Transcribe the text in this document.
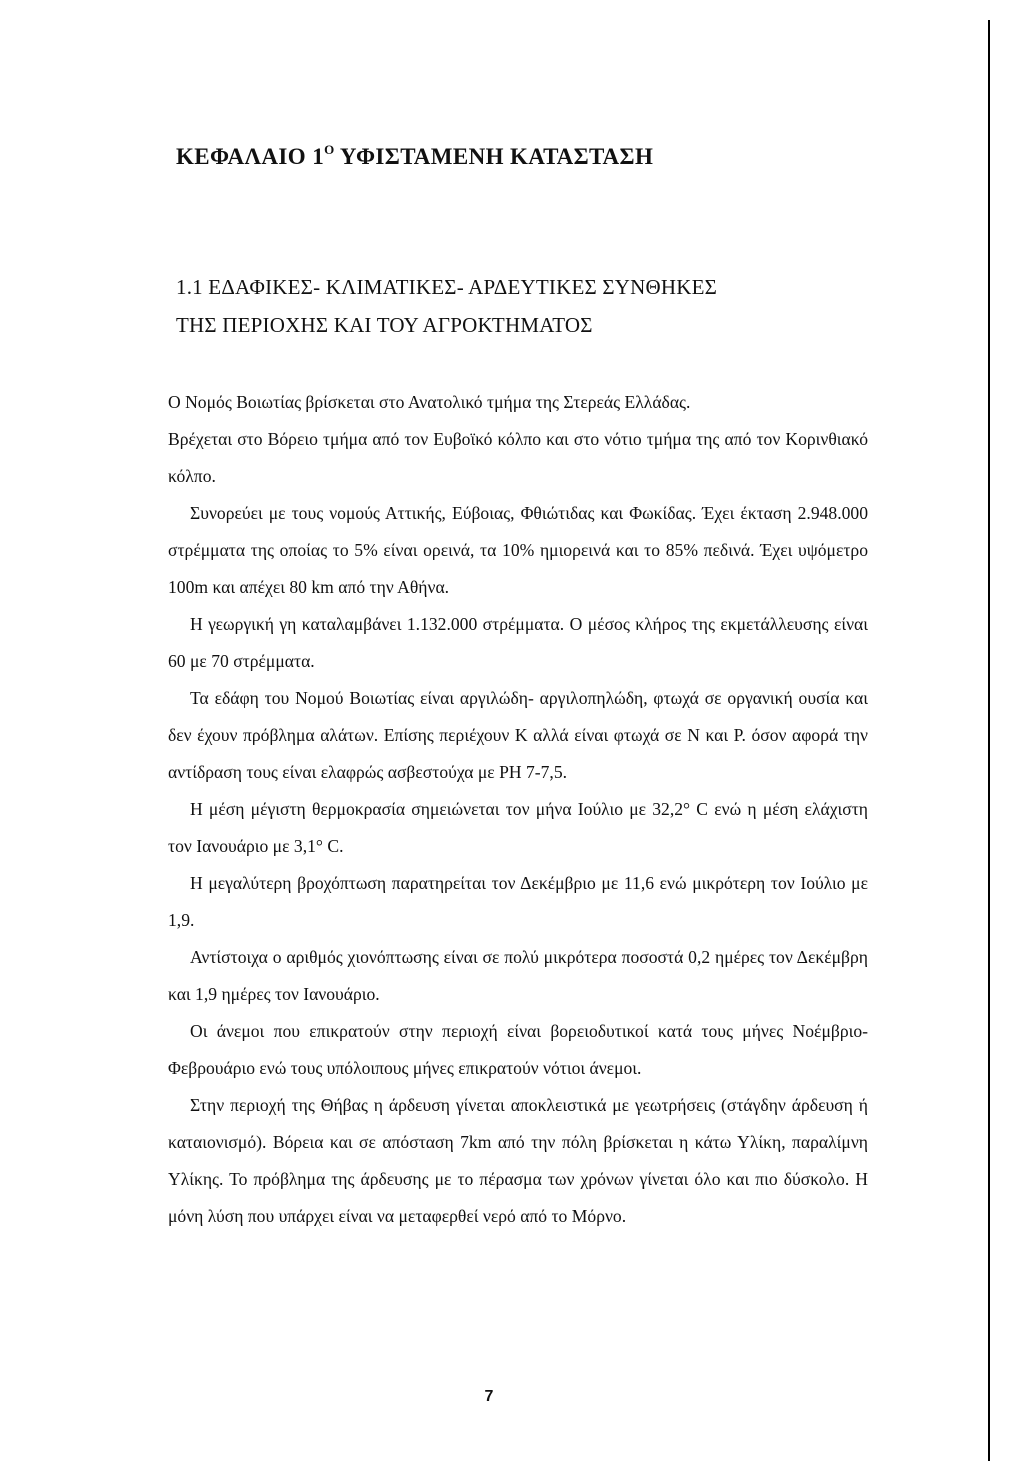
ΚΕΦΑΛΑΙΟ $1^O$ ΥΦΙΣΤΑΜΕΝΗ ΚΑΤΑΣΤΑΣΗ
1.1 ΕΔΑΦΙΚΕΣ- ΚΛΙΜΑΤΙΚΕΣ- ΑΡΔΕΥΤΙΚΕΣ ΣΥΝΘΗΚΕΣ
ΤΗΣ ΠΕΡΙΟΧΗΣ ΚΑΙ ΤΟΥ ΑΓΡΟΚΤΗΜΑΤΟΣ

Ο Νομός Βοιωτίας βρίσκεται στο Ανατολικό τμήμα της Στερεάς Ελλάδας.

Βρέχεται στο Βόρειο τμήμα από τον Ευβοϊκό κόλπο και στο νότιο τμήμα της από τον Κορινθιακό κόλπο.

Συνορεύει με τους νομούς Αττικής, Εύβοιας, Φθιώτιδας και Φωκίδας. Έχει έκταση 2.948.000 στρέμματα της οποίας το 5% είναι ορεινά, τα 10% ημιορεινά και το 85% πεδινά. Έχει υψόμετρο 100m και απέχει 80 km από την Αθήνα.

Η γεωργική γη καταλαμβάνει 1.132.000 στρέμματα. Ο μέσος κλήρος της εκμετάλλευσης είναι 60 με 70 στρέμματα.

Τα εδάφη του Νομού Βοιωτίας είναι αργιλώδη- αργιλοπηλώδη, φτωχά σε οργανική ουσία και δεν έχουν πρόβλημα αλάτων. Επίσης περιέχουν Κ αλλά είναι φτωχά σε Ν και Ρ. όσον αφορά την αντίδραση τους είναι ελαφρώς ασβεστούχα με PH 7-7,5.

Η μέση μέγιστη θερμοκρασία σημειώνεται τον μήνα Ιούλιο με 32,2° C ενώ η μέση ελάχιστη τον Ιανουάριο με 3,1° C.

Η μεγαλύτερη βροχόπτωση παρατηρείται τον Δεκέμβριο με 11,6 ενώ μικρότερη τον Ιούλιο με 1,9.

Αντίστοιχα ο αριθμός χιονόπτωσης είναι σε πολύ μικρότερα ποσοστά 0,2 ημέρες τον Δεκέμβρη και 1,9 ημέρες τον Ιανουάριο.

Οι άνεμοι που επικρατούν στην περιοχή είναι βορειοδυτικοί κατά τους μήνες Νοέμβριο- Φεβρουάριο ενώ τους υπόλοιπους μήνες επικρατούν νότιοι άνεμοι.

Στην περιοχή της Θήβας η άρδευση γίνεται αποκλειστικά με γεωτρήσεις (στάγδην άρδευση ή καταιονισμό). Βόρεια και σε απόσταση 7km από την πόλη βρίσκεται η κάτω Υλίκη, παραλίμνη Υλίκης. Το πρόβλημα της άρδευσης με το πέρασμα των χρόνων γίνεται όλο και πιο δύσκολο. Η μόνη λύση που υπάρχει είναι να μεταφερθεί νερό από το Μόρνο.

7
